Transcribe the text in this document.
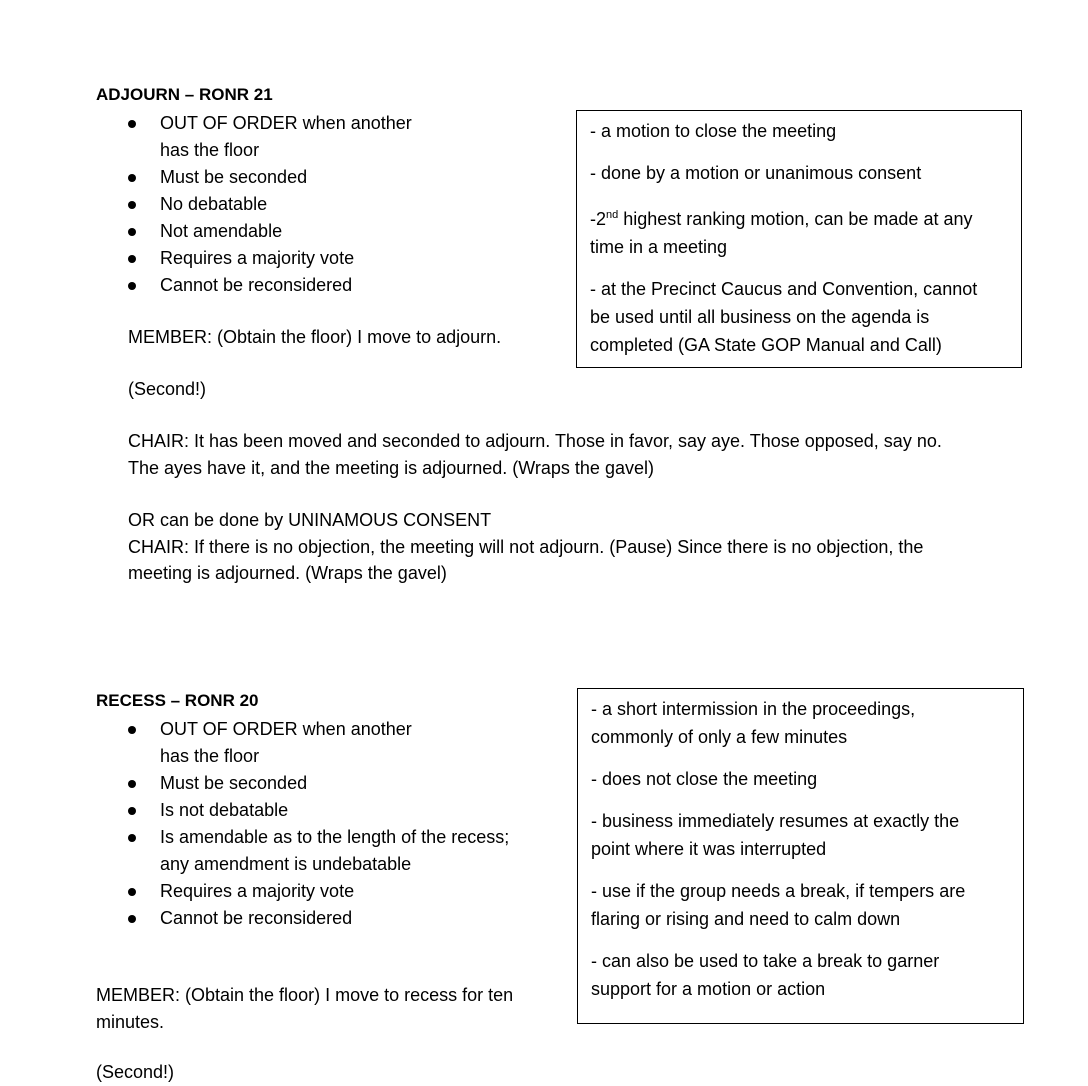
ADJOURN – RONR 21
OUT OF ORDER when another
has the floor
Must be seconded
No debatable
Not amendable
Requires a majority vote
Cannot be reconsidered
MEMBER: (Obtain the floor) I move to adjourn.

- a motion to close the meeting

- done by a motion or unanimous consent

-2nd highest ranking motion, can be made at any
time in a meeting

- at the Precinct Caucus and Convention, cannot
be used until all business on the agenda is
completed (GA State GOP Manual and Call)

(Second!)
CHAIR: It has been moved and seconded to adjourn. Those in favor, say aye. Those opposed, say no.
The ayes have it, and the meeting is adjourned. (Wraps the gavel)
OR can be done by UNINAMOUS CONSENT
CHAIR: If there is no objection, the meeting will not adjourn. (Pause) Since there is no objection, the
meeting is adjourned. (Wraps the gavel)
RECESS – RONR 20
OUT OF ORDER when another
has the floor
Must be seconded
Is not debatable
Is amendable as to the length of the recess;
any amendment is undebatable
Requires a majority vote
Cannot be reconsidered

- a short intermission in the proceedings,
commonly of only a few minutes

- does not close the meeting

- business immediately resumes at exactly the
point where it was interrupted

- use if the group needs a break, if tempers are
flaring or rising and need to calm down

- can also be used to take a break to garner
support for a motion or action

MEMBER: (Obtain the floor) I move to recess for ten
minutes.
(Second!)
